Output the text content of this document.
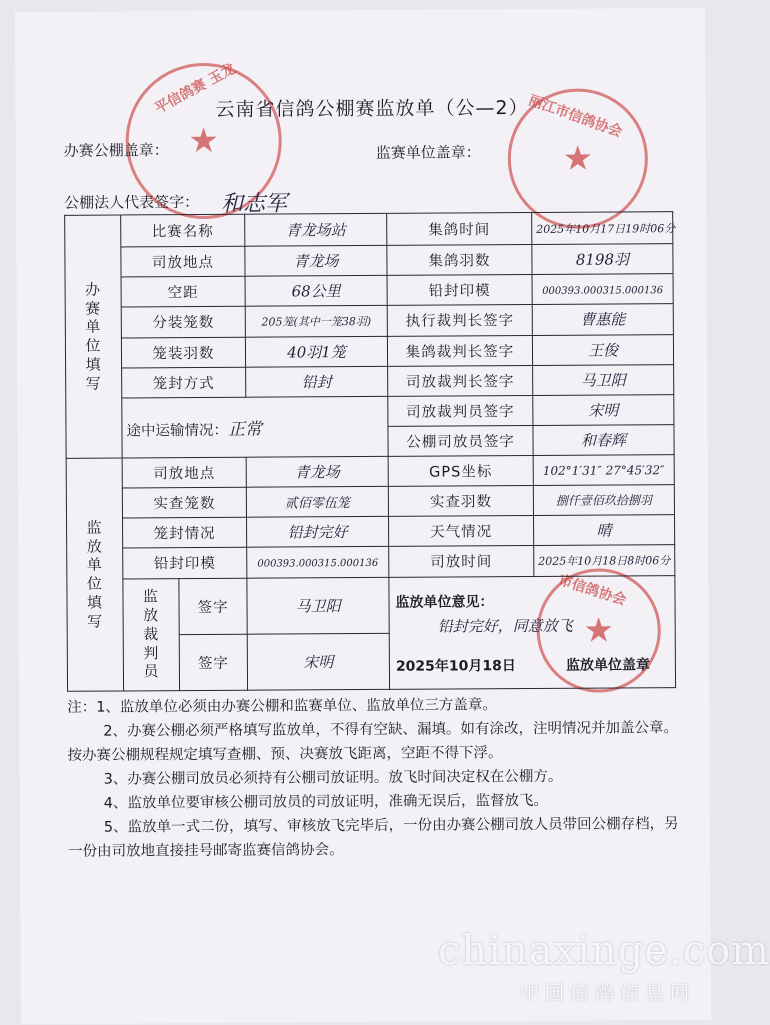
平信鸽赛 玉龙
★
丽江市信鸽协会
★
市信鸽协会
★
云南省信鸽公棚赛监放单（公—2）
办赛公棚盖章：	监赛单位盖章：
公棚法人代表签字： 和志军
办赛单位填写	比赛名称		青龙场站	集鸽时间	2025年10月17日19时06分
	司放地点		青龙场	集鸽羽数	8198羽
	空距		68公里	铅封印模	000393.000315.000136
	分装笼数		205笼(其中一笼38羽)	执行裁判长签字	曹惠能
	笼装羽数		40羽1笼	集鸽裁判长签字	王俊
	笼封方式		铅封	司放裁判长签字	马卫阳
	途中运输情况：正常			司放裁判员签字	宋明
				公棚司放员签字	和春辉
监放单位填写	司放地点		青龙场	GPS坐标	102°1′31″ 27°45′32″
	实查笼数		贰佰零伍笼	实查羽数	捌仟壹佰玖拾捌羽
	笼封情况		铅封完好	天气情况	晴
	铅封印模		000393.000315.000136	司放时间	2025年10月18日8时06分
	监放裁判员	签字	马卫阳	监放单位意见：
铅封完好，同意放飞
2025年10月18日 监放单位盖章	

		签字	宋明		

注：1、监放单位必须由办赛公棚和监赛单位、监放单位三方盖章。

2、办赛公棚必须严格填写监放单，不得有空缺、漏填。如有涂改，注明情况并加盖公章。按办赛公棚规程规定填写查棚、预、决赛放飞距离，空距不得下浮。

3、办赛公棚司放员必须持有公棚司放证明。放飞时间决定权在公棚方。

4、监放单位要审核公棚司放员的司放证明，准确无误后，监督放飞。

5、监放单一式二份，填写、审核放飞完毕后，一份由办赛公棚司放人员带回公棚存档，另一份由司放地直接挂号邮寄监赛信鸽协会。

chinaxinge.com
中国信鸽信息网
